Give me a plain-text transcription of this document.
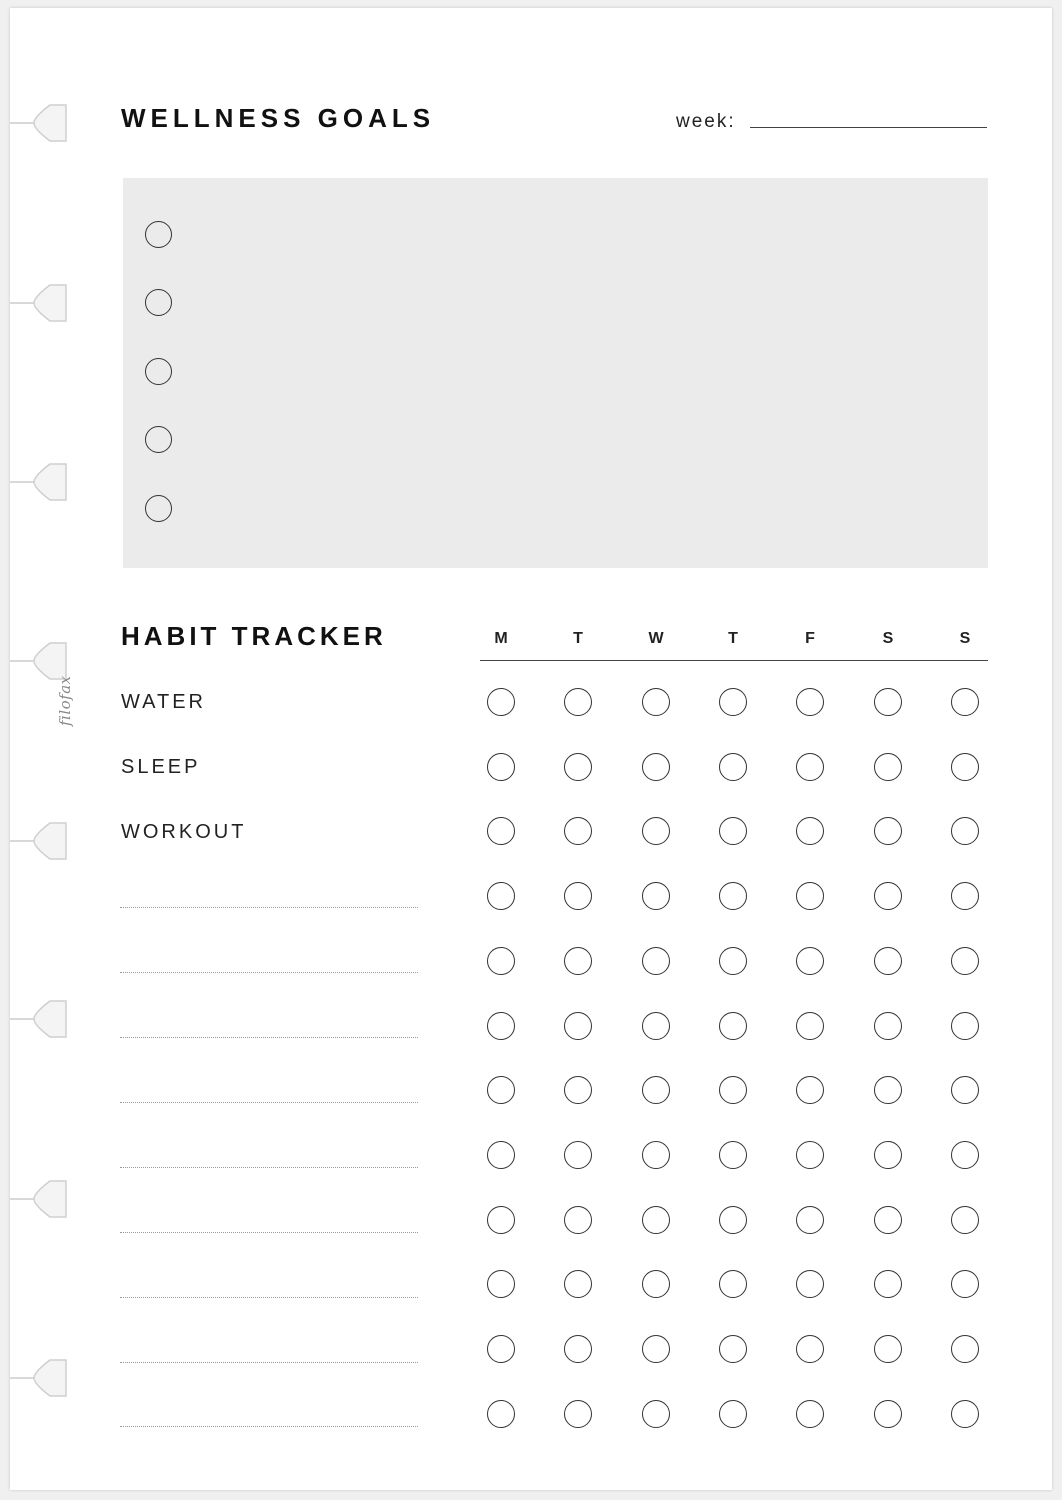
filofax
WELLNESS GOALS	week:
HABIT TRACKER	M	T	W	T	F	S	S
WATER
SLEEP
WORKOUT
